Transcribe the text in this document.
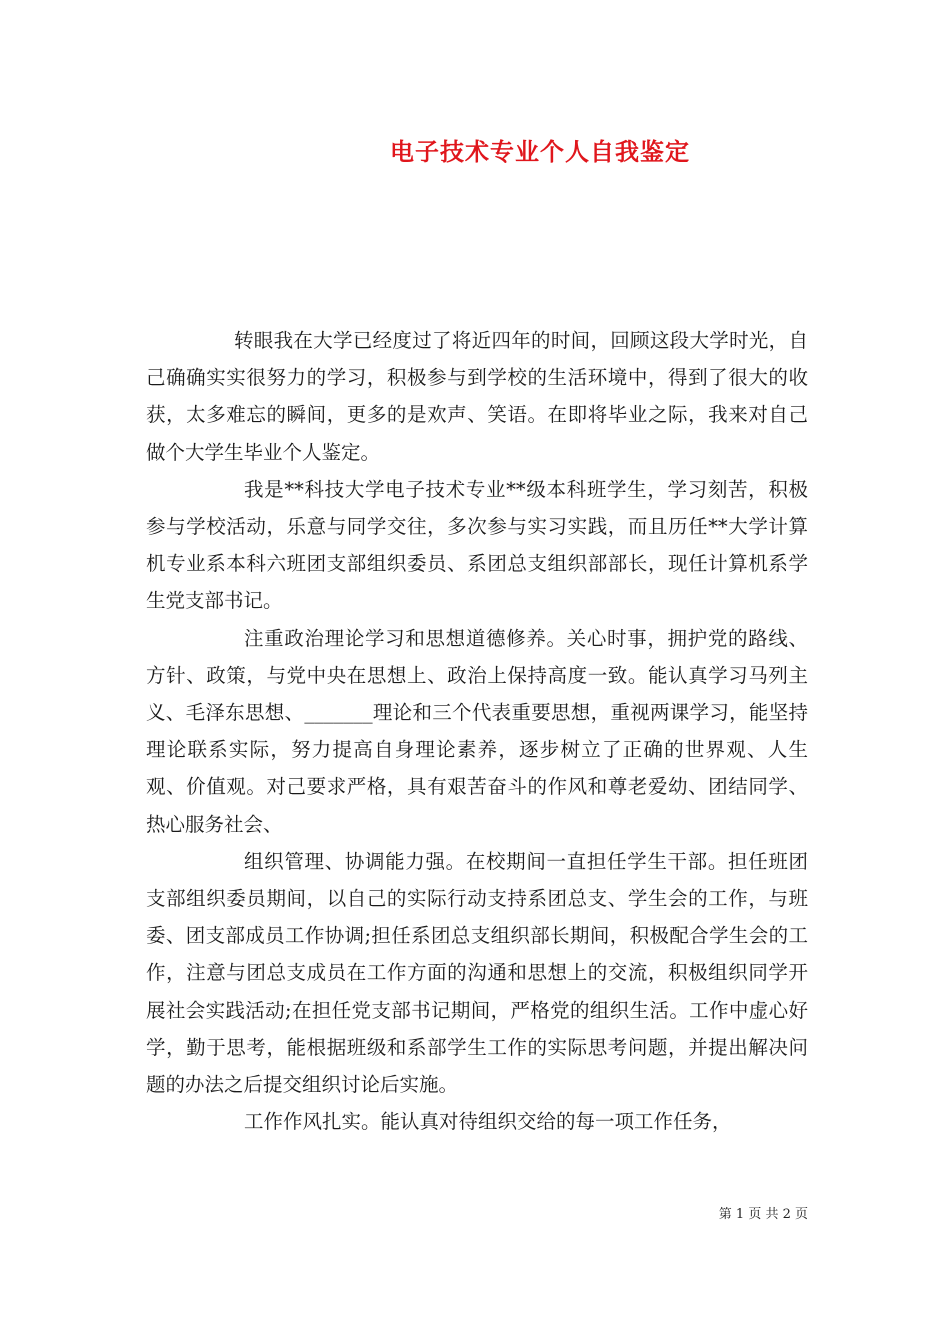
电子技术专业个人自我鉴定

转眼我在大学已经度过了将近四年的时间，回顾这段大学时光，自己确确实实很努力的学习，积极参与到学校的生活环境中，得到了很大的收获，太多难忘的瞬间，更多的是欢声、笑语。在即将毕业之际，我来对自己做个大学生毕业个人鉴定。

我是**科技大学电子技术专业**级本科班学生，学习刻苦，积极参与学校活动，乐意与同学交往，多次参与实习实践，而且历任**大学计算机专业系本科六班团支部组织委员、系团总支组织部部长，现任计算机系学生党支部书记。

注重政治理论学习和思想道德修养。关心时事，拥护党的路线、方针、政策，与党中央在思想上、政治上保持高度一致。能认真学习马列主义、毛泽东思想、_______理论和三个代表重要思想，重视两课学习，能坚持理论联系实际，努力提高自身理论素养，逐步树立了正确的世界观、人生观、价值观。对己要求严格，具有艰苦奋斗的作风和尊老爱幼、团结同学、热心服务社会、

组织管理、协调能力强。在校期间一直担任学生干部。担任班团支部组织委员期间，以自己的实际行动支持系团总支、学生会的工作，与班委、团支部成员工作协调;担任系团总支组织部长期间，积极配合学生会的工作，注意与团总支成员在工作方面的沟通和思想上的交流，积极组织同学开展社会实践活动;在担任党支部书记期间，严格党的组织生活。工作中虚心好学，勤于思考，能根据班级和系部学生工作的实际思考问题，并提出解决问题的办法之后提交组织讨论后实施。

工作作风扎实。能认真对待组织交给的每一项工作任务，

第 1 页 共 2 页
